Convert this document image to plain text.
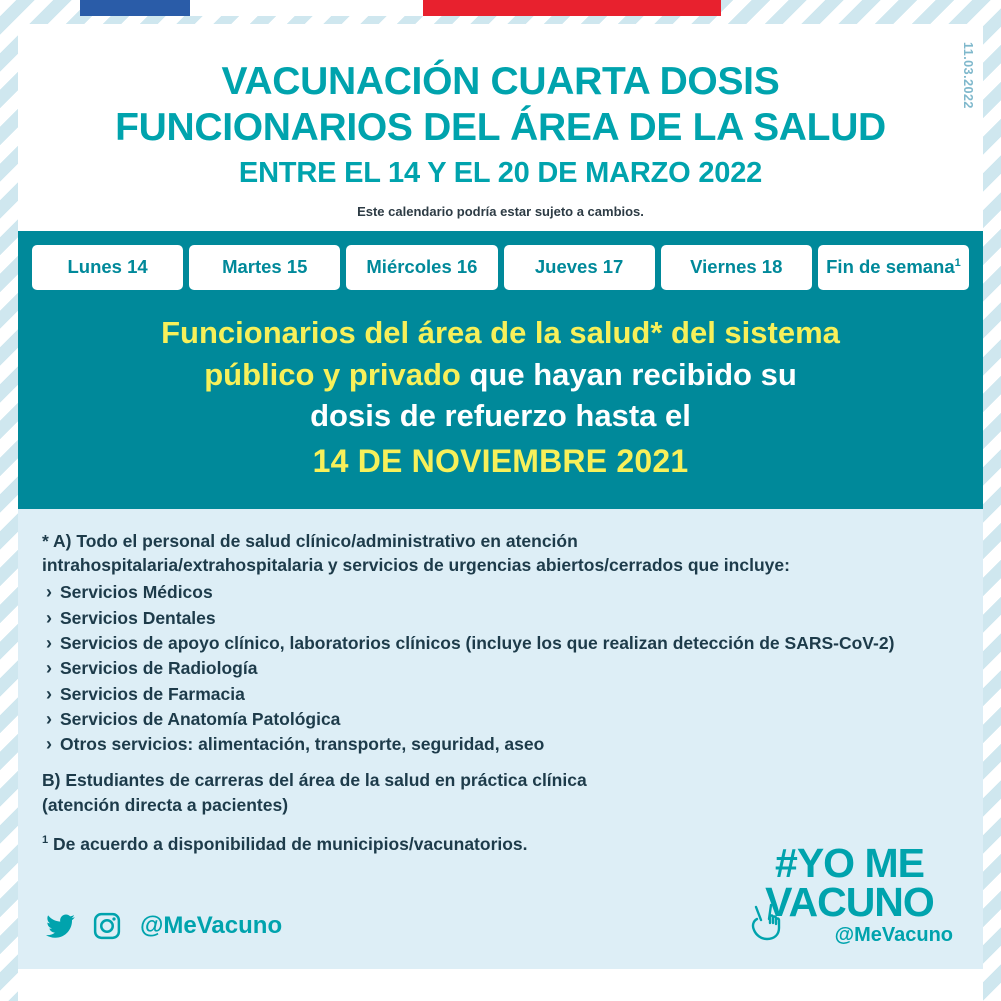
11.03.2022
VACUNACIÓN CUARTA DOSIS
FUNCIONARIOS DEL ÁREA DE LA SALUD
ENTRE EL 14 Y EL 20 DE MARZO 2022
Este calendario podría estar sujeto a cambios.
Lunes 14	Martes 15	Miércoles 16	Jueves 17	Viernes 18	Fin de semana$^1$
Funcionarios del área de la salud* del sistema
público y privado que hayan recibido su
dosis de refuerzo hasta el
14 DE NOVIEMBRE 2021
* A) Todo el personal de salud clínico/administrativo en atención
intrahospitalaria/extrahospitalaria y servicios de urgencias abiertos/cerrados que incluye:
› Servicios Médicos
› Servicios Dentales
› Servicios de apoyo clínico, laboratorios clínicos (incluye los que realizan detección de SARS-CoV-2)
› Servicios de Radiología
› Servicios de Farmacia
› Servicios de Anatomía Patológica
› Otros servicios: alimentación, transporte, seguridad, aseo
B) Estudiantes de carreras del área de la salud en práctica clínica
(atención directa a pacientes)
$^1$ De acuerdo a disponibilidad de municipios/vacunatorios.
@MeVacuno
#YO ME
VACUNO
@MeVacuno
